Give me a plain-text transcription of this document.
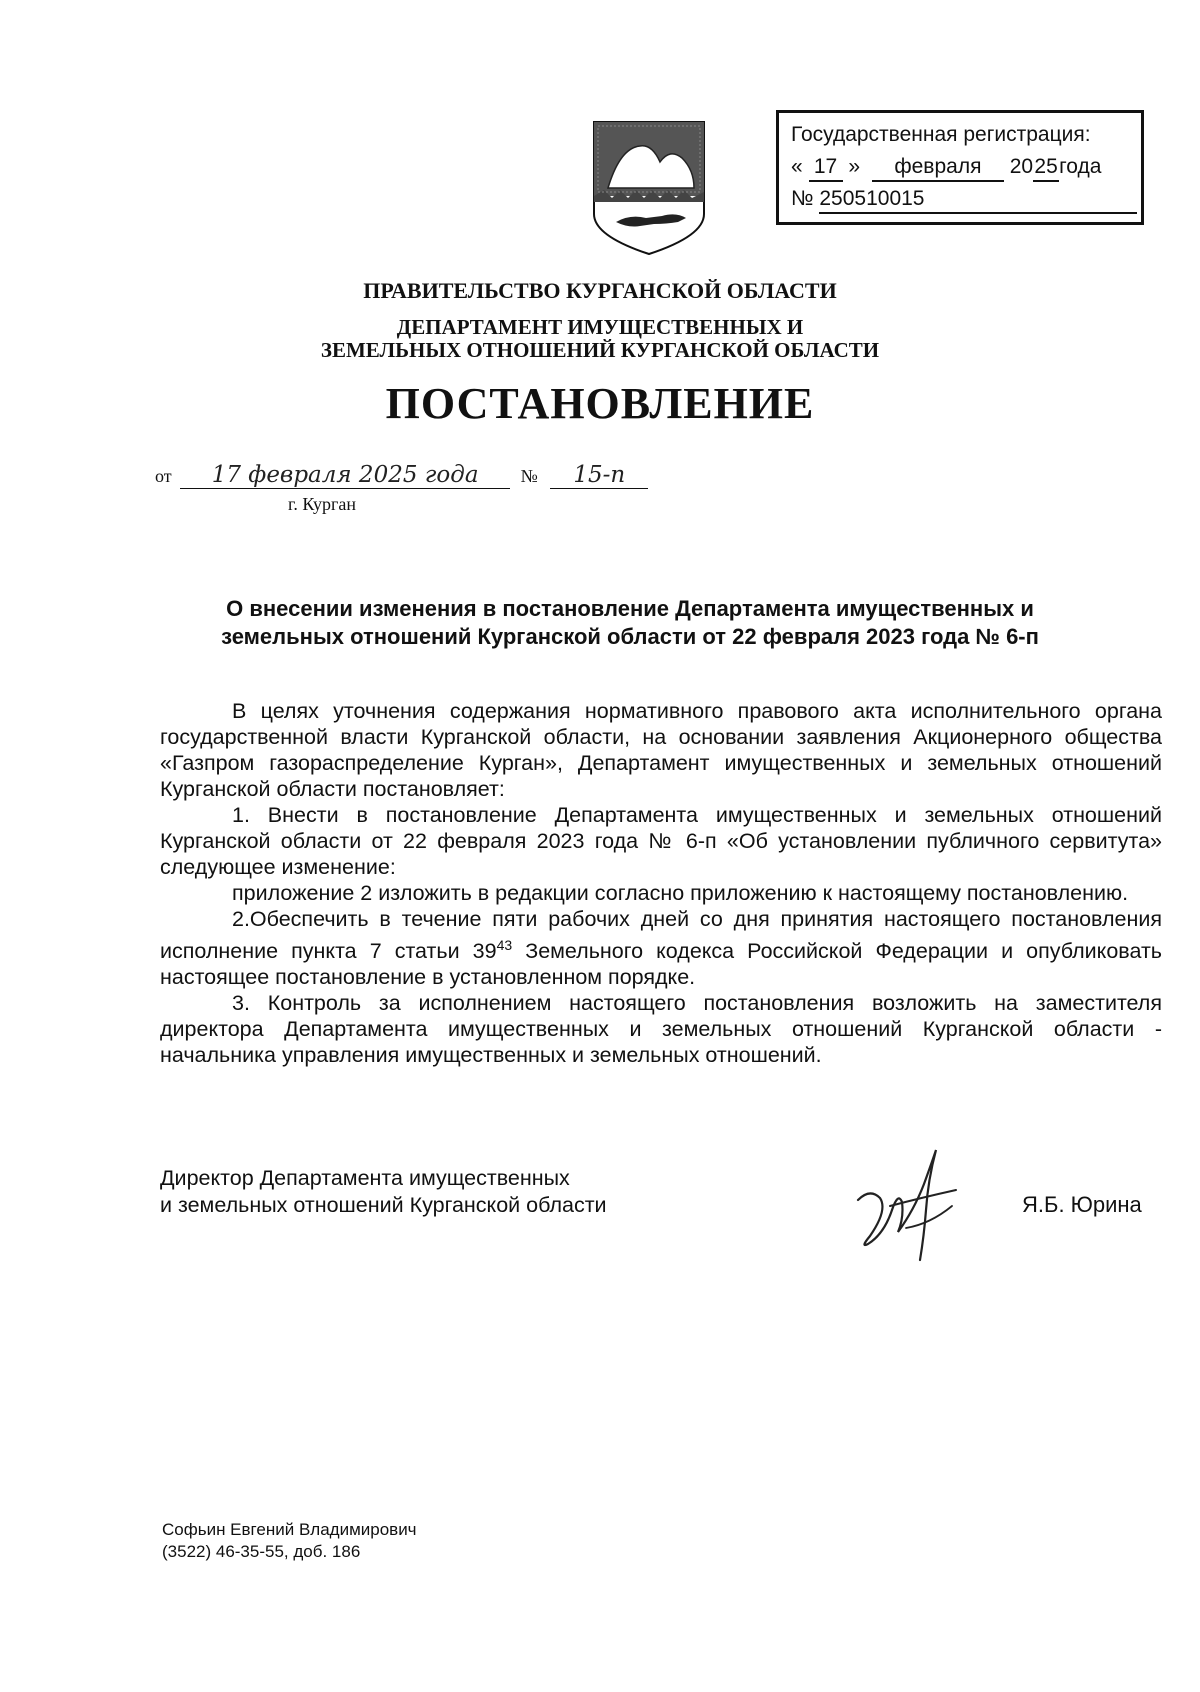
Государственная регистрация:
« 17 » февраля 2025года
№ 250510015
ПРАВИТЕЛЬСТВО КУРГАНСКОЙ ОБЛАСТИ
ДЕПАРТАМЕНТ ИМУЩЕСТВЕННЫХ И
ЗЕМЕЛЬНЫХ ОТНОШЕНИЙ КУРГАНСКОЙ ОБЛАСТИ
ПОСТАНОВЛЕНИЕ
от 17 февраля 2025 года № 15-п
г. Курган
О внесении изменения в постановление Департамента имущественных и
земельных отношений Курганской области от 22 февраля 2023 года № 6-п

В целях уточнения содержания нормативного правового акта исполнительного органа государственной власти Курганской области, на основании заявления Акционерного общества «Газпром газораспределение Курган», Департамент имущественных и земельных отношений Курганской области постановляет:

1. Внести в постановление Департамента имущественных и земельных отношений Курганской области от 22 февраля 2023 года № 6-п «Об установлении публичного сервитута» следующее изменение:

приложение 2 изложить в редакции согласно приложению к настоящему постановлению.

2.Обеспечить в течение пяти рабочих дней со дня принятия настоящего постановления исполнение пункта 7 статьи $39^{43}$ Земельного кодекса Российской Федерации и опубликовать настоящее постановление в установленном порядке.

3. Контроль за исполнением настоящего постановления возложить на заместителя директора Департамента имущественных и земельных отношений Курганской области - начальника управления имущественных и земельных отношений.

Директор Департамента имущественных
и земельных отношений Курганской области	Я.Б. Юрина
Софьин Евгений Владимирович
(3522) 46-35-55, доб. 186
